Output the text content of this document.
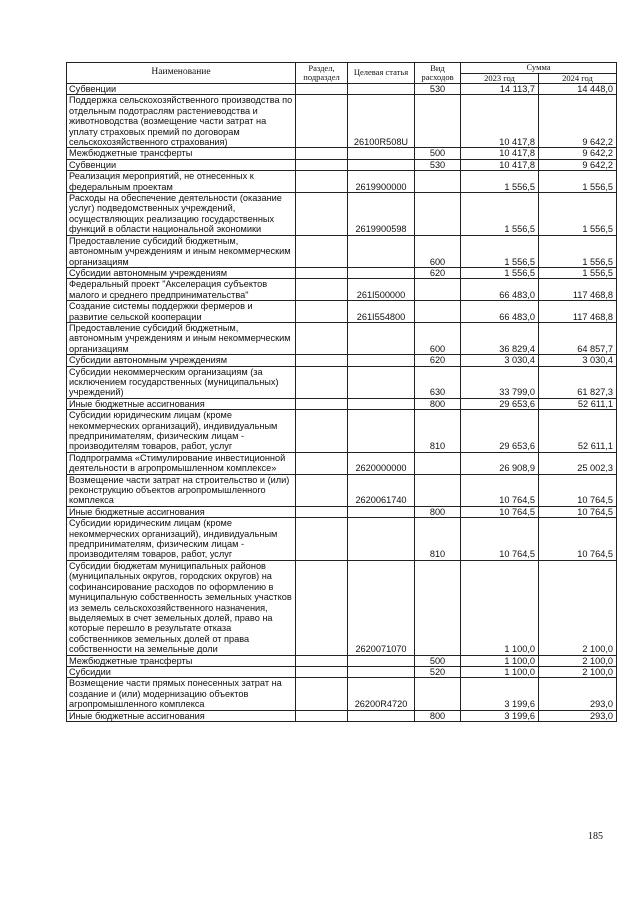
Наименование	Раздел, подраздел	Целевая статья	Вид расходов	Сумма	
				2023 год	2024 год
Субвенции			530	14 113,7	14 448,0
Поддержка сельскохозяйственного производства по отдельным подотраслям растениеводства и животноводства (возмещение части затрат на уплату страховых премий по договорам сельскохозяйственного страхования)		26100R508U		10 417,8	9 642,2
Межбюджетные трансферты			500	10 417,8	9 642,2
Субвенции			530	10 417,8	9 642,2
Реализация мероприятий, не отнесенных к федеральным проектам		2619900000		1 556,5	1 556,5
Расходы на обеспечение деятельности (оказание услуг) подведомственных учреждений, осуществляющих реализацию государственных функций в области национальной экономики		2619900598		1 556,5	1 556,5
Предоставление субсидий бюджетным, автономным учреждениям и иным некоммерческим организациям			600	1 556,5	1 556,5
Субсидии автономным учреждениям			620	1 556,5	1 556,5
Федеральный проект "Акселерация субъектов малого и среднего предпринимательства"		261I500000		66 483,0	117 468,8
Создание системы поддержки фермеров и развитие сельской кооперации		261I554800		66 483,0	117 468,8
Предоставление субсидий бюджетным, автономным учреждениям и иным некоммерческим организациям			600	36 829,4	64 857,7
Субсидии автономным учреждениям			620	3 030,4	3 030,4
Субсидии некоммерческим организациям (за исключением государственных (муниципальных) учреждений)			630	33 799,0	61 827,3
Иные бюджетные ассигнования			800	29 653,6	52 611,1
Субсидии юридическим лицам (кроме некоммерческих организаций), индивидуальным предпринимателям, физическим лицам - производителям товаров, работ, услуг			810	29 653,6	52 611,1
Подпрограмма «Стимулирование инвестиционной деятельности в агропромышленном комплексе»		2620000000		26 908,9	25 002,3
Возмещение части затрат на строительство и (или) реконструкцию объектов агропромышленного комплекса		2620061740		10 764,5	10 764,5
Иные бюджетные ассигнования			800	10 764,5	10 764,5
Субсидии юридическим лицам (кроме некоммерческих организаций), индивидуальным предпринимателям, физическим лицам - производителям товаров, работ, услуг			810	10 764,5	10 764,5
Субсидии бюджетам муниципальных районов (муниципальных округов, городских округов) на софинансирование расходов по оформлению в муниципальную собственность земельных участков из земель сельскохозяйственного назначения, выделяемых в счет земельных долей, право на которые перешло в результате отказа собственников земельных долей от права собственности на земельные доли		2620071070		1 100,0	2 100,0
Межбюджетные трансферты			500	1 100,0	2 100,0
Субсидии			520	1 100,0	2 100,0
Возмещение части прямых понесенных затрат на создание и (или) модернизацию объектов агропромышленного комплекса		26200R4720		3 199,6	293,0
Иные бюджетные ассигнования			800	3 199,6	293,0
185
